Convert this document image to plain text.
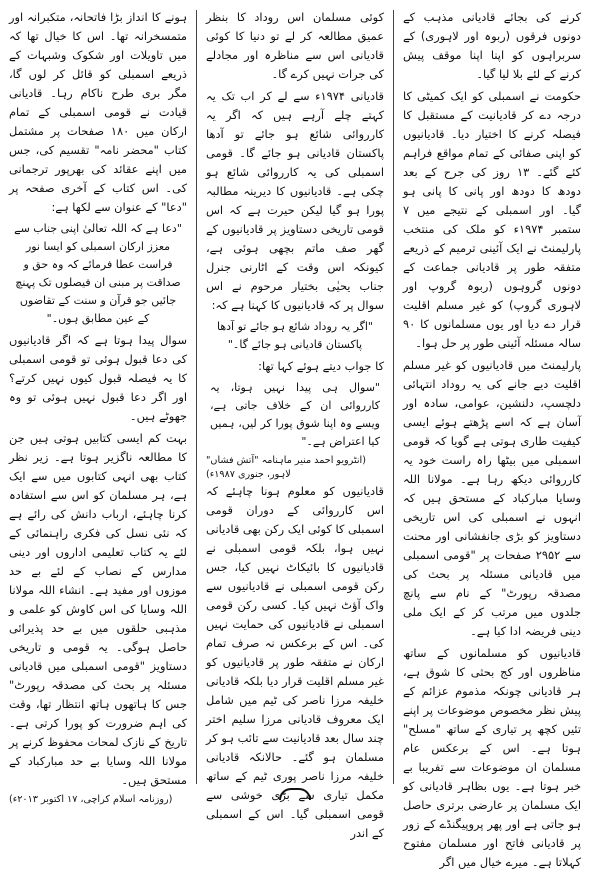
ہونے کا انداز بڑا فاتحانہ، متکبرانہ اور متمسخرانہ تھا۔ اس کا خیال تھا کہ میں تاویلات اور شکوک وشبہات کے ذریعے اسمبلی کو قائل کر لوں گا، مگر بری طرح ناکام رہا۔ قادیانی قیادت نے قومی اسمبلی کے تمام ارکان میں ۱۸۰ صفحات پر مشتمل کتاب "محضر نامہ" تقسیم کی، جس میں اپنے عقائد کی بھرپور ترجمانی کی۔ اس کتاب کے آخری صفحہ پر "دعا" کے عنوان سے لکھا ہے:

"دعا ہے کہ اللہ تعالیٰ اپنی جناب سے معزز ارکان اسمبلی کو ایسا نور فراست عطا فرمائے کہ وہ حق و صداقت پر مبنی ان فیصلوں تک پہنچ جائیں جو قرآن و سنت کے تقاضوں کے عین مطابق ہوں۔"

سوال پیدا ہوتا ہے کہ اگر قادیانیوں کی دعا قبول ہوئی تو قومی اسمبلی کا یہ فیصلہ قبول کیوں نہیں کرتے؟ اور اگر دعا قبول نہیں ہوئی تو وہ جھوٹے ہیں۔

بہت کم ایسی کتابیں ہوتی ہیں جن کا مطالعہ ناگزیر ہوتا ہے۔ زیر نظر کتاب بھی انہی کتابوں میں سے ایک ہے، ہر مسلمان کو اس سے استفادہ کرنا چاہئے، ارباب دانش کی رائے ہے کہ نئی نسل کی فکری راہنمائی کے لئے یہ کتاب تعلیمی اداروں اور دینی مدارس کے نصاب کے لئے بے حد موزوں اور مفید ہے۔ انشاء اللہ مولانا اللہ وسایا کی اس کاوش کو علمی و مذہبی حلقوں میں بے حد پذیرائی حاصل ہوگی۔ یہ قومی و تاریخی دستاویز "قومی اسمبلی میں قادیانی مسئلہ پر بحث کی مصدقہ رپورٹ" جس کا ہاتھوں ہاتھ انتظار تھا، وقت کی اہم ضرورت کو پورا کرتی ہے۔ تاریخ کے نازک لمحات محفوظ کرنے پر مولانا اللہ وسایا بے حد مبارکباد کے مستحق ہیں۔

(روزنامہ اسلام کراچی، ۱۷ اکتوبر ۲۰۱۳ء)

کوئی مسلمان اس روداد کا بنظر عمیق مطالعہ کر لے تو دنیا کا کوئی قادیانی اس سے مناظرہ اور مجادلے کی جرات نہیں کرے گا۔

قادیانی ۱۹۷۴ء سے لے کر اب تک یہ کہتے چلے آرہے ہیں کہ اگر یہ کارروائی شائع ہو جائے تو آدھا پاکستان قادیانی ہو جائے گا۔ قومی اسمبلی کی یہ کارروائی شائع ہو چکی ہے۔ قادیانیوں کا دیرینہ مطالبہ پورا ہو گیا لیکن حیرت ہے کہ اس قومی تاریخی دستاویز پر قادیانیوں کے گھر صف ماتم بچھی ہوئی ہے، کیونکہ اس وقت کے اٹارنی جنرل جناب یحیٰی بختیار مرحوم نے اس سوال پر کہ قادیانیوں کا کہنا ہے کہ:

"اگر یہ روداد شائع ہو جائے تو آدھا پاکستان قادیانی ہو جائے گا۔"

کا جواب دیتے ہوئے کہا تھا:

"سوال ہی پیدا نہیں ہوتا، یہ کارروائی ان کے خلاف جاتی ہے، ویسے وہ اپنا شوق پورا کر لیں، ہمیں کیا اعتراض ہے۔"

(انٹرویو احمد منیر ماہنامہ "آتش فشاں" لاہور، جنوری ۱۹۸۷ء)

قادیانیوں کو معلوم ہونا چاہئے کہ اس کارروائی کے دوران قومی اسمبلی کا کوئی ایک رکن بھی قادیانی نہیں ہوا، بلکہ قومی اسمبلی نے قادیانیوں کا بائیکاٹ نہیں کیا، جس رکن قومی اسمبلی نے قادیانیوں سے واک آؤٹ نہیں کیا۔ کسی رکن قومی اسمبلی نے قادیانیوں کی حمایت نہیں کی۔ اس کے برعکس نہ صرف تمام ارکان نے متفقہ طور پر قادیانیوں کو غیر مسلم اقلیت قرار دیا بلکہ قادیانی خلیفہ مرزا ناصر کی ٹیم میں شامل ایک معروف قادیانی مرزا سلیم اختر چند سال بعد قادیانیت سے تائب ہو کر مسلمان ہو گئے۔ حالانکہ قادیانی خلیفہ مرزا ناصر پوری ٹیم کے ساتھ مکمل تیاری سے بڑی خوشی سے قومی اسمبلی گیا۔ اس کے اسمبلی کے اندر

کرنے کی بجائے قادیانی مذہب کے دونوں فرقوں (ربوہ اور لاہوری) کے سربراہوں کو اپنا اپنا موقف پیش کرنے کے لئے بلا لیا گیا۔

حکومت نے اسمبلی کو ایک کمیٹی کا درجہ دے کر قادیانیت کے مستقبل کا فیصلہ کرنے کا اختیار دیا۔ قادیانیوں کو اپنی صفائی کے تمام مواقع فراہم کئے گئے۔ ۱۳ روز کی جرح کے بعد دودھ کا دودھ اور پانی کا پانی ہو گیا۔ اور اسمبلی کے نتیجے میں ۷ ستمبر ۱۹۷۴ء کو ملک کی منتخب پارلیمنٹ نے ایک آئینی ترمیم کے ذریعے متفقہ طور پر قادیانی جماعت کے دونوں گروہوں (ربوہ گروپ اور لاہوری گروپ) کو غیر مسلم اقلیت قرار دے دیا اور یوں مسلمانوں کا ۹۰ سالہ مسئلہ آئینی طور پر حل ہوا۔

پارلیمنٹ میں قادیانیوں کو غیر مسلم اقلیت دیے جانے کی یہ روداد انتہائی دلچسپ، دلنشین، عوامی، سادہ اور آسان ہے کہ اسے پڑھتے ہوئے ایسی کیفیت طاری ہوتی ہے گویا کہ قومی اسمبلی میں بیٹھا راہ راست خود یہ کارروائی دیکھ رہا ہے۔ مولانا اللہ وسایا مبارکباد کے مستحق ہیں کہ انہوں نے اسمبلی کی اس تاریخی دستاویز کو بڑی جانفشانی اور محنت سے ۲۹۵۲ صفحات پر "قومی اسمبلی میں قادیانی مسئلہ پر بحث کی مصدقہ رپورٹ" کے نام سے پانچ جلدوں میں مرتب کر کے ایک ملی دینی فریضہ ادا کیا ہے۔

قادیانیوں کو مسلمانوں کے ساتھ مناظروں اور کج بحثی کا شوق ہے، ہر قادیانی چونکہ مذموم عزائم کے پیش نظر مخصوص موضوعات پر اپنے تئیں کچھ پر تیاری کے ساتھ "مسلح" ہوتا ہے۔ اس کے برعکس عام مسلمان ان موضوعات سے تفریبا بے خبر ہوتا ہے۔ یوں بظاہر قادیانی کو ایک مسلمان پر عارضی برتری حاصل ہو جاتی ہے اور پھر پروپیگنڈے کے زور پر قادیانی فاتح اور مسلمان مفتوح کہلاتا ہے۔ میرے خیال میں اگر
